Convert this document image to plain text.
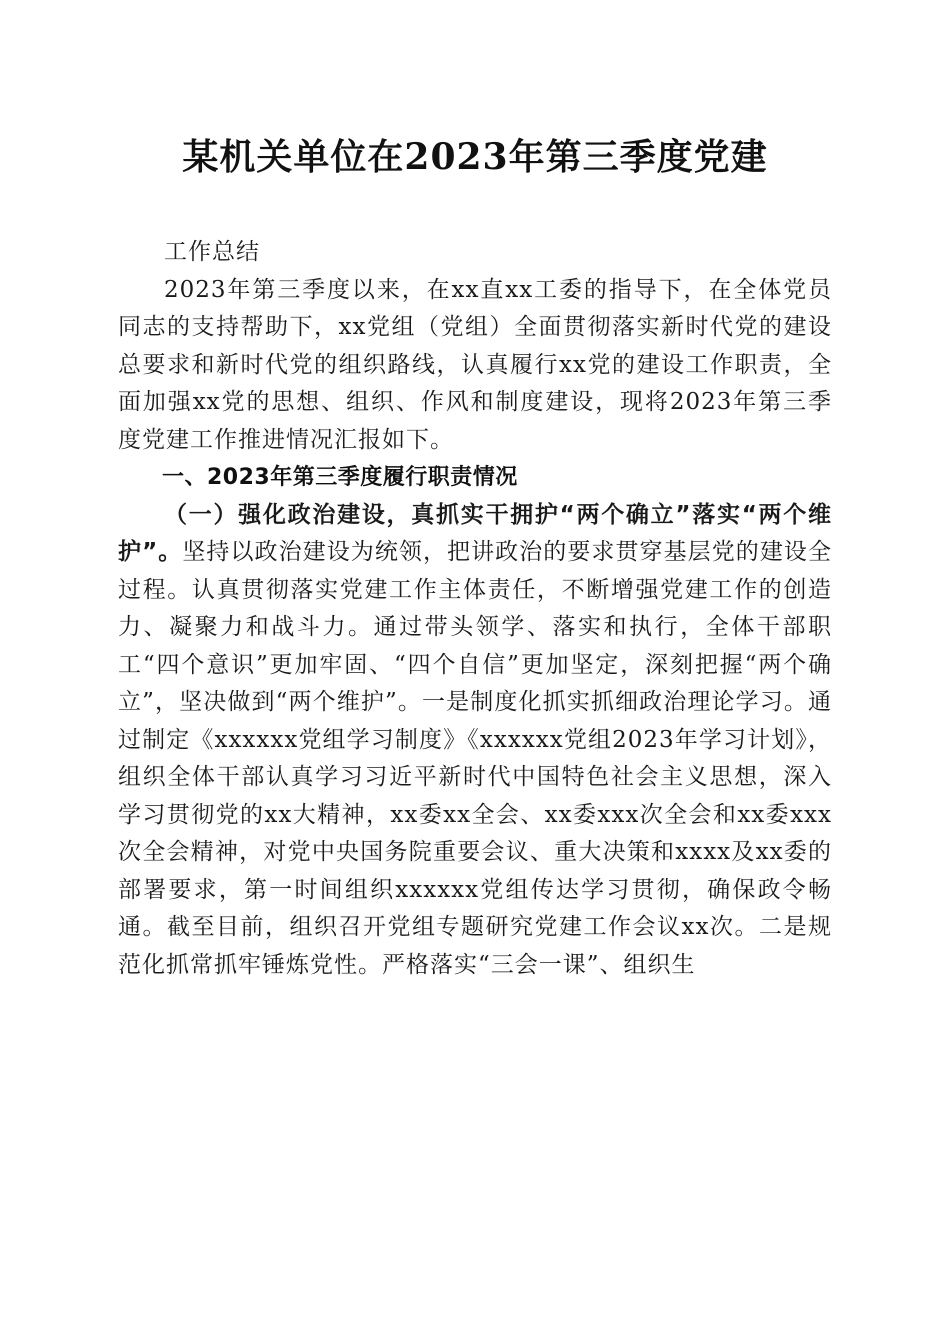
某机关单位在2023年第三季度党建

工作总结

2023年第三季度以来，在xx直xx工委的指导下，在全体党员同志的支持帮助下，xx党组（党组）全面贯彻落实新时代党的建设总要求和新时代党的组织路线，认真履行xx党的建设工作职责，全面加强xx党的思想、组织、作风和制度建设，现将2023年第三季度党建工作推进情况汇报如下。

一、2023年第三季度履行职责情况

（一）强化政治建设，真抓实干拥护“两个确立”落实“两个维护”。坚持以政治建设为统领，把讲政治的要求贯穿基层党的建设全过程。认真贯彻落实党建工作主体责任，不断增强党建工作的创造力、凝聚力和战斗力。通过带头领学、落实和执行，全体干部职工“四个意识”更加牢固、“四个自信”更加坚定，深刻把握“两个确立”，坚决做到“两个维护”。一是制度化抓实抓细政治理论学习。通过制定《xxxxxx党组学习制度》《xxxxxx党组2023年学习计划》，组织全体干部认真学习习近平新时代中国特色社会主义思想，深入学习贯彻党的xx大精神，xx委xx全会、xx委xxx次全会和xx委xxx次全会精神，对党中央国务院重要会议、重大决策和xxxx及xx委的部署要求，第一时间组织xxxxxx党组传达学习贯彻，确保政令畅通。截至目前，组织召开党组专题研究党建工作会议xx次。二是规范化抓常抓牢锤炼党性。严格落实“三会一课”、组织生
